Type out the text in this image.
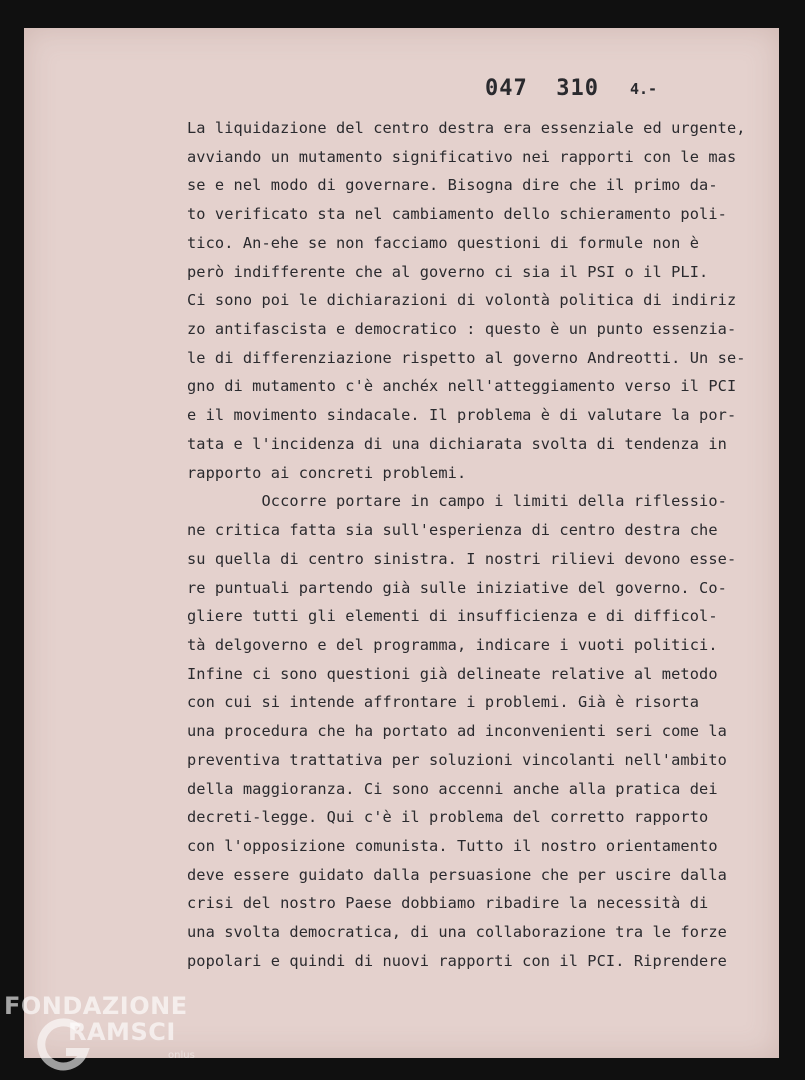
047  310 4.-
La liquidazione del centro destra era essenziale ed urgente,
avviando un mutamento significativo nei rapporti con le mas
se e nel modo di governare. Bisogna dire che il primo da-
to verificato sta nel cambiamento dello schieramento poli-
tico. An-ehe se non facciamo questioni di formule non è
però indifferente che al governo ci sia il PSI o il PLI.
Ci sono poi le dichiarazioni di volontà politica di indiriz
zo antifascista e democratico : questo è un punto essenzia-
le di differenziazione rispetto al governo Andreotti. Un se-
gno di mutamento c'è anchéx nell'atteggiamento verso il PCI
e il movimento sindacale. Il problema è di valutare la por-
tata e l'incidenza di una dichiarata svolta di tendenza in
rapporto ai concreti problemi.
Occorre portare in campo i limiti della riflessio-
ne critica fatta sia sull'esperienza di centro destra che
su quella di centro sinistra. I nostri rilievi devono esse-
re puntuali partendo già sulle iniziative del governo. Co-
gliere tutti gli elementi di insufficienza e di difficol-
tà delgoverno e del programma, indicare i vuoti politici.
Infine ci sono questioni già delineate relative al metodo
con cui si intende affrontare i problemi. Già è risorta
una procedura che ha portato ad inconvenienti seri come la
preventiva trattativa per soluzioni vincolanti nell'ambito
della maggioranza. Ci sono accenni anche alla pratica dei
decreti-legge. Qui c'è il problema del corretto rapporto
con l'opposizione comunista. Tutto il nostro orientamento
deve essere guidato dalla persuasione che per uscire dalla
crisi del nostro Paese dobbiamo ribadire la necessità di
una svolta democratica, di una collaborazione tra le forze
popolari e quindi di nuovi rapporti con il PCI. Riprendere
FONDAZIONE
RAMSCI
onlus
